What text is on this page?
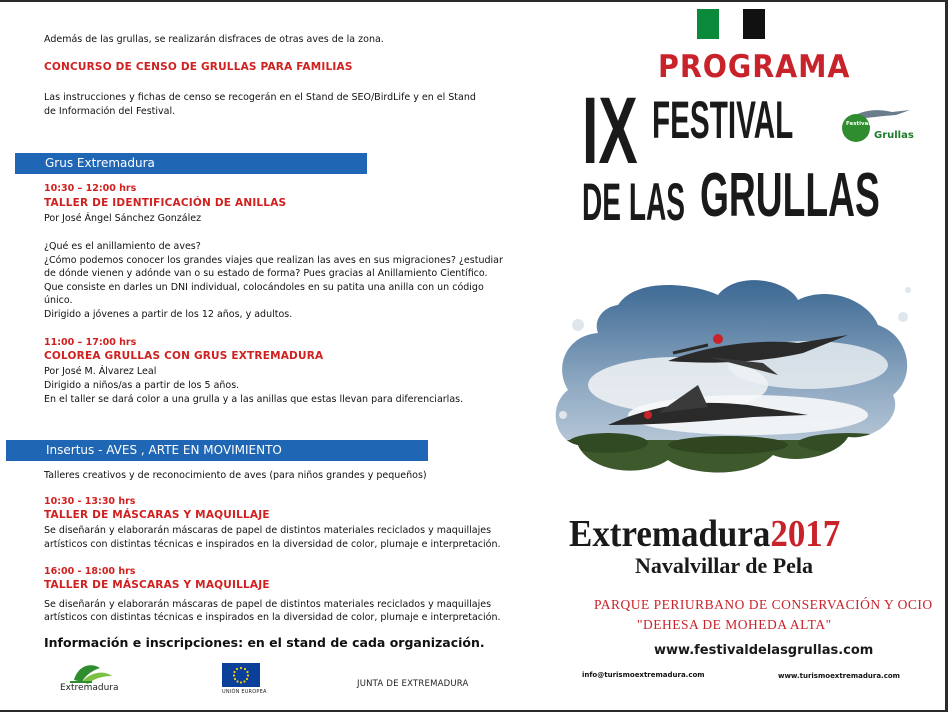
Además de las grullas, se realizarán disfraces de otras aves de la zona.

CONCURSO DE CENSO DE GRULLAS PARA FAMILIAS

Las instrucciones y fichas de censo se recogerán en el Stand de SEO/BirdLife y en el Stand

de Información del Festival.

Grus Extremadura
10:30 – 12:00 hrs
TALLER DE IDENTIFICACIÓN DE ANILLAS

Por José Ángel Sánchez González

¿Qué es el anillamiento de aves?

¿Cómo podemos conocer los grandes viajes que realizan las aves en sus migraciones? ¿estudiar

de dónde vienen y adónde van o su estado de forma? Pues gracias al Anillamiento Científico.

Que consiste en darles un DNI individual, colocándoles en su patita una anilla con un código

único.

Dirigido a jóvenes a partir de los 12 años, y adultos.

11:00 – 17:00 hrs
COLOREA GRULLAS CON GRUS EXTREMADURA

Por José M. Álvarez Leal

Dirigido a niños/as a partir de los 5 años.

En el taller se dará color a una grulla y a las anillas que estas llevan para diferenciarlas.

Insertus - AVES , ARTE EN MOVIMIENTO

Talleres creativos y de reconocimiento de aves (para niños grandes y pequeños)

10:30 - 13:30 hrs
TALLER DE MÁSCARAS Y MAQUILLAJE

Se diseñarán y elaborarán máscaras de papel de distintos materiales reciclados y maquillajes

artísticos con distintas técnicas e inspirados en la diversidad de color, plumaje e interpretación.

16:00 - 18:00 hrs
TALLER DE MÁSCARAS Y MAQUILLAJE

Se diseñarán y elaborarán máscaras de papel de distintos materiales reciclados y maquillajes

artísticos con distintas técnicas e inspirados en la diversidad de color, plumaje e interpretación.

Información e inscripciones: en el stand de cada organización.
Extremadura	UNIÓN EUROPEA
JUNTA DE EXTREMADURA
PROGRAMA
IX FESTIVAL
DE LAS GRULLAS
Festival de las
Grullas
Extremadura2017
Navalvillar de Pela
PARQUE PERIURBANO DE CONSERVACIÓN Y OCIO
"DEHESA DE MOHEDA ALTA"
www.festivaldelasgrullas.com
info@turismoextremadura.com	www.turismoextremadura.com
